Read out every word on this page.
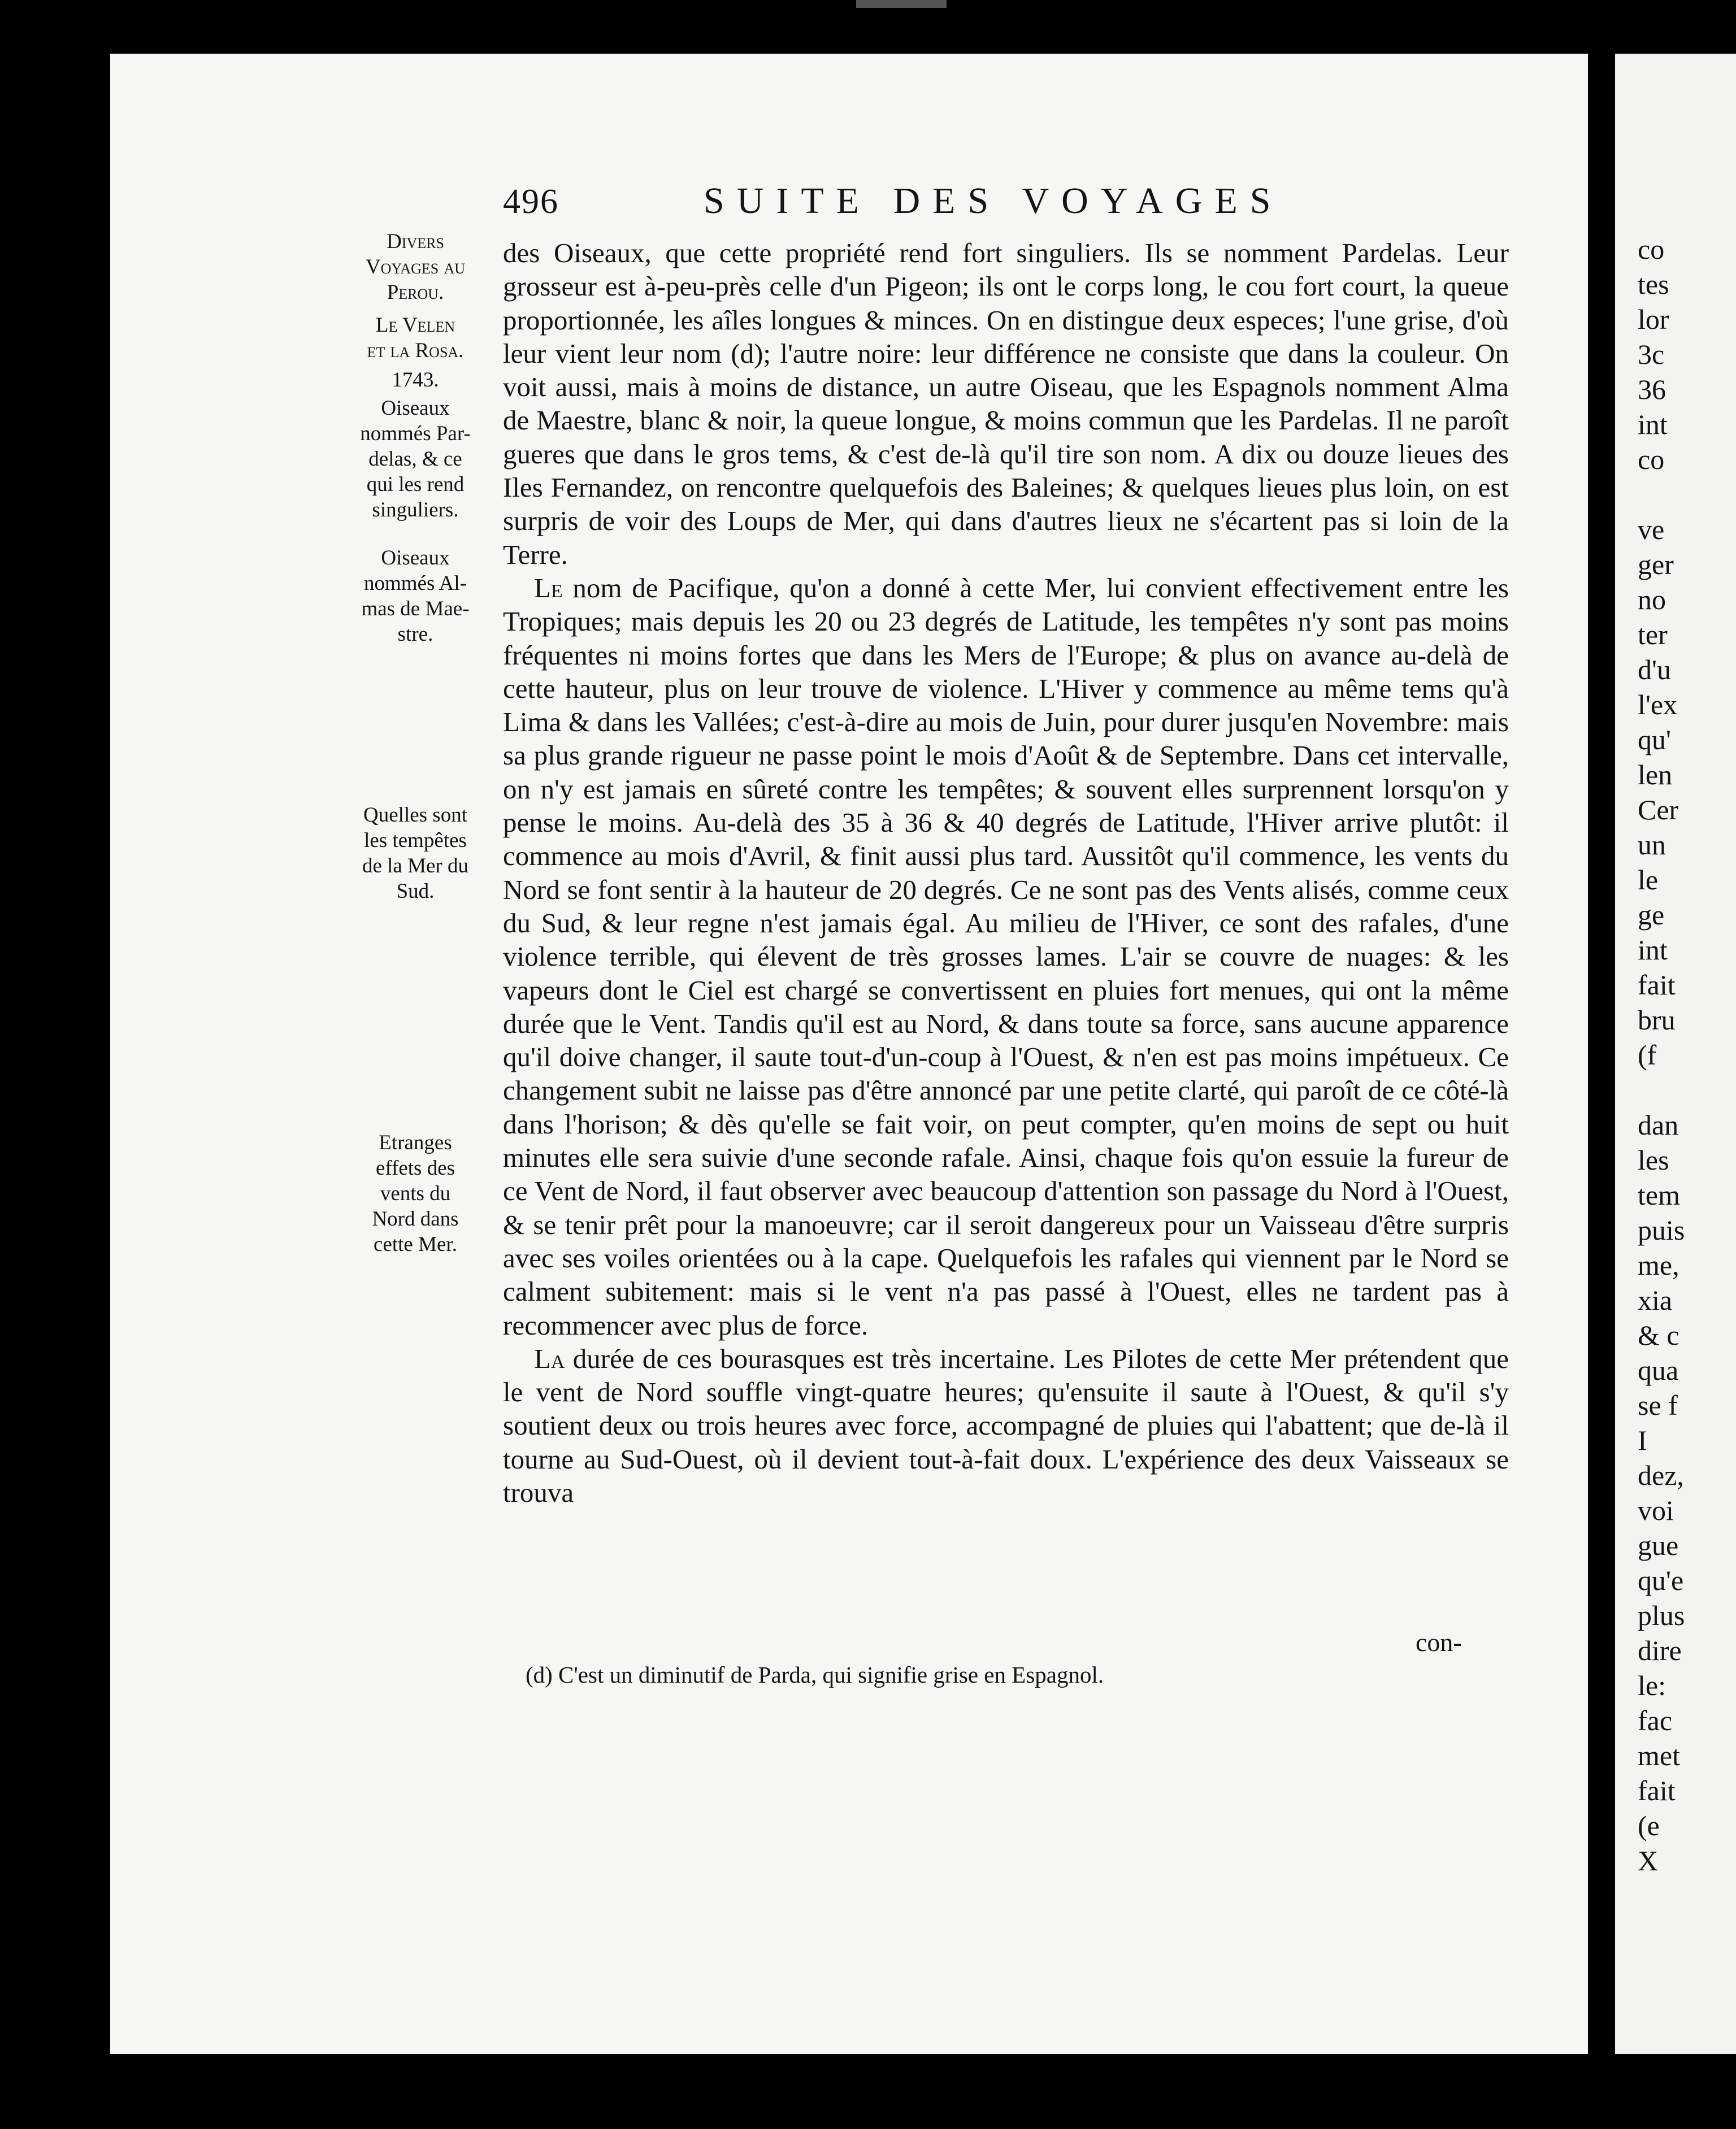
co
tes
lor
3c
36
int
co

ve
ger
no
ter
d'u
l'ex
qu'
len
Cer
un
le
ge
int
fait
bru
(f

dan
les
tem
puis
me,
xia
& c
qua
se f
I
dez,
voi
gue
qu'e
plus
dire
le:
fac
met
fait
(e
X
496	SUITE DES VOYAGES
Divers
Voyages au
Perou.
Le Velen
et la Rosa.
1743.
Oiseaux
nommés Par-
delas, & ce
qui les rend
singuliers.
Oiseaux
nommés Al-
mas de Mae-
stre.
Quelles sont
les tempêtes
de la Mer du
Sud.
Etranges
effets des
vents du
Nord dans
cette Mer.

des Oiseaux, que cette propriété rend fort singuliers. Ils se nomment Pardelas. Leur grosseur est à-peu-près celle d'un Pigeon; ils ont le corps long, le cou fort court, la queue proportionnée, les aîles longues & minces. On en distingue deux especes; l'une grise, d'où leur vient leur nom (d); l'autre noire: leur différence ne consiste que dans la couleur. On voit aussi, mais à moins de distance, un autre Oiseau, que les Espagnols nomment Alma de Maestre, blanc & noir, la queue longue, & moins commun que les Pardelas. Il ne paroît gueres que dans le gros tems, & c'est de-là qu'il tire son nom. A dix ou douze lieues des Iles Fernandez, on rencontre quelquefois des Baleines; & quelques lieues plus loin, on est surpris de voir des Loups de Mer, qui dans d'autres lieux ne s'écartent pas si loin de la Terre.

Le nom de Pacifique, qu'on a donné à cette Mer, lui convient effectivement entre les Tropiques; mais depuis les 20 ou 23 degrés de Latitude, les tempêtes n'y sont pas moins fréquentes ni moins fortes que dans les Mers de l'Europe; & plus on avance au-delà de cette hauteur, plus on leur trouve de violence. L'Hiver y commence au même tems qu'à Lima & dans les Vallées; c'est-à-dire au mois de Juin, pour durer jusqu'en Novembre: mais sa plus grande rigueur ne passe point le mois d'Août & de Septembre. Dans cet intervalle, on n'y est jamais en sûreté contre les tempêtes; & souvent elles surprennent lorsqu'on y pense le moins. Au-delà des 35 à 36 & 40 degrés de Latitude, l'Hiver arrive plutôt: il commence au mois d'Avril, & finit aussi plus tard. Aussitôt qu'il commence, les vents du Nord se font sentir à la hauteur de 20 degrés. Ce ne sont pas des Vents alisés, comme ceux du Sud, & leur regne n'est jamais égal. Au milieu de l'Hiver, ce sont des rafales, d'une violence terrible, qui élevent de très grosses lames. L'air se couvre de nuages: & les vapeurs dont le Ciel est chargé se convertissent en pluies fort menues, qui ont la même durée que le Vent. Tandis qu'il est au Nord, & dans toute sa force, sans aucune apparence qu'il doive changer, il saute tout-d'un-coup à l'Ouest, & n'en est pas moins impétueux. Ce changement subit ne laisse pas d'être annoncé par une petite clarté, qui paroît de ce côté-là dans l'horison; & dès qu'elle se fait voir, on peut compter, qu'en moins de sept ou huit minutes elle sera suivie d'une seconde rafale. Ainsi, chaque fois qu'on essuie la fureur de ce Vent de Nord, il faut observer avec beaucoup d'attention son passage du Nord à l'Ouest, & se tenir prêt pour la manoeuvre; car il seroit dangereux pour un Vaisseau d'être surpris avec ses voiles orientées ou à la cape. Quelquefois les rafales qui viennent par le Nord se calment subitement: mais si le vent n'a pas passé à l'Ouest, elles ne tardent pas à recommencer avec plus de force.

La durée de ces bourasques est très incertaine. Les Pilotes de cette Mer prétendent que le vent de Nord souffle vingt-quatre heures; qu'ensuite il saute à l'Ouest, & qu'il s'y soutient deux ou trois heures avec force, accompagné de pluies qui l'abattent; que de-là il tourne au Sud-Ouest, où il devient tout-à-fait doux. L'expérience des deux Vaisseaux se trouva

con-
(d) C'est un diminutif de Parda, qui signifie grise en Espagnol.
